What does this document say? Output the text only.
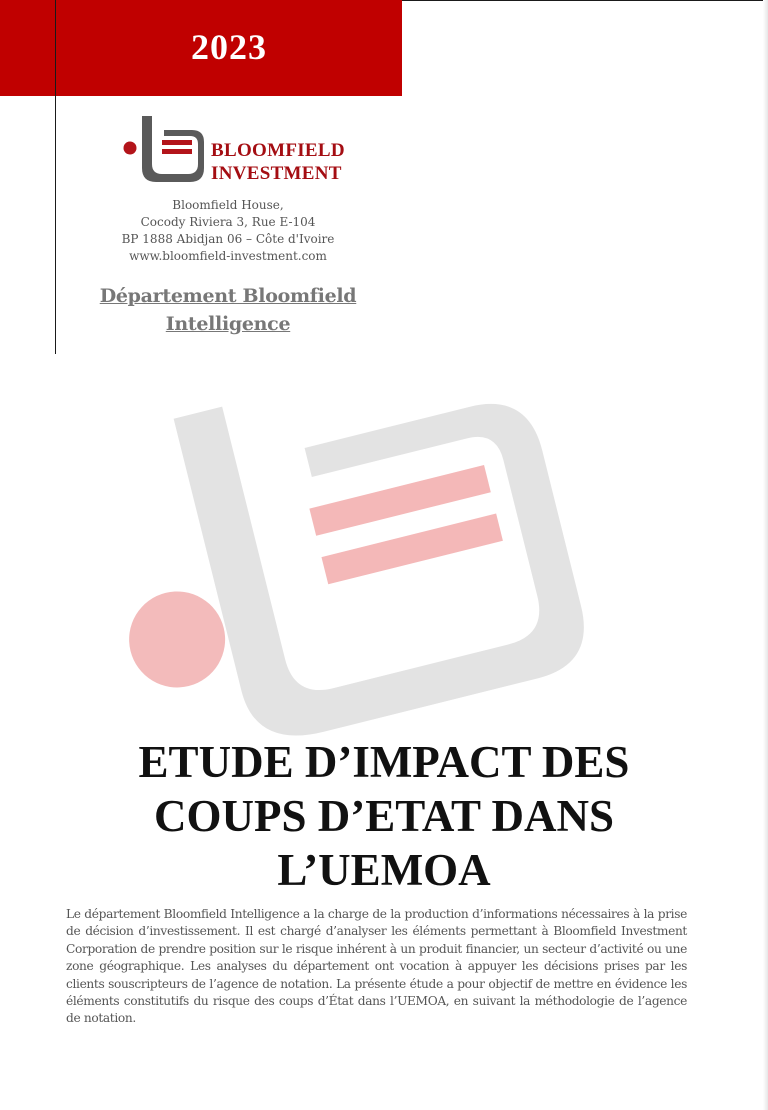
2023
BLOOMFIELD
INVESTMENT
Bloomfield House,
Cocody Riviera 3, Rue E-104
BP 1888 Abidjan 06 – Côte d'Ivoire
www.bloomfield-investment.com
Département Bloomfield
Intelligence
ETUDE D’IMPACT DES
COUPS D’ETAT DANS
L’UEMOA
Le département Bloomfield Intelligence a la charge de la production d’informations nécessaires à la prise de décision d’investissement. Il est chargé d’analyser les éléments permettant à Bloomfield Investment Corporation de prendre position sur le risque inhérent à un produit financier, un secteur d’activité ou une zone géographique. Les analyses du département ont vocation à appuyer les décisions prises par les clients souscripteurs de l’agence de notation. La présente étude a pour objectif de mettre en évidence les éléments constitutifs du risque des coups d’État dans l’UEMOA, en suivant la méthodologie de l’agence de notation.
